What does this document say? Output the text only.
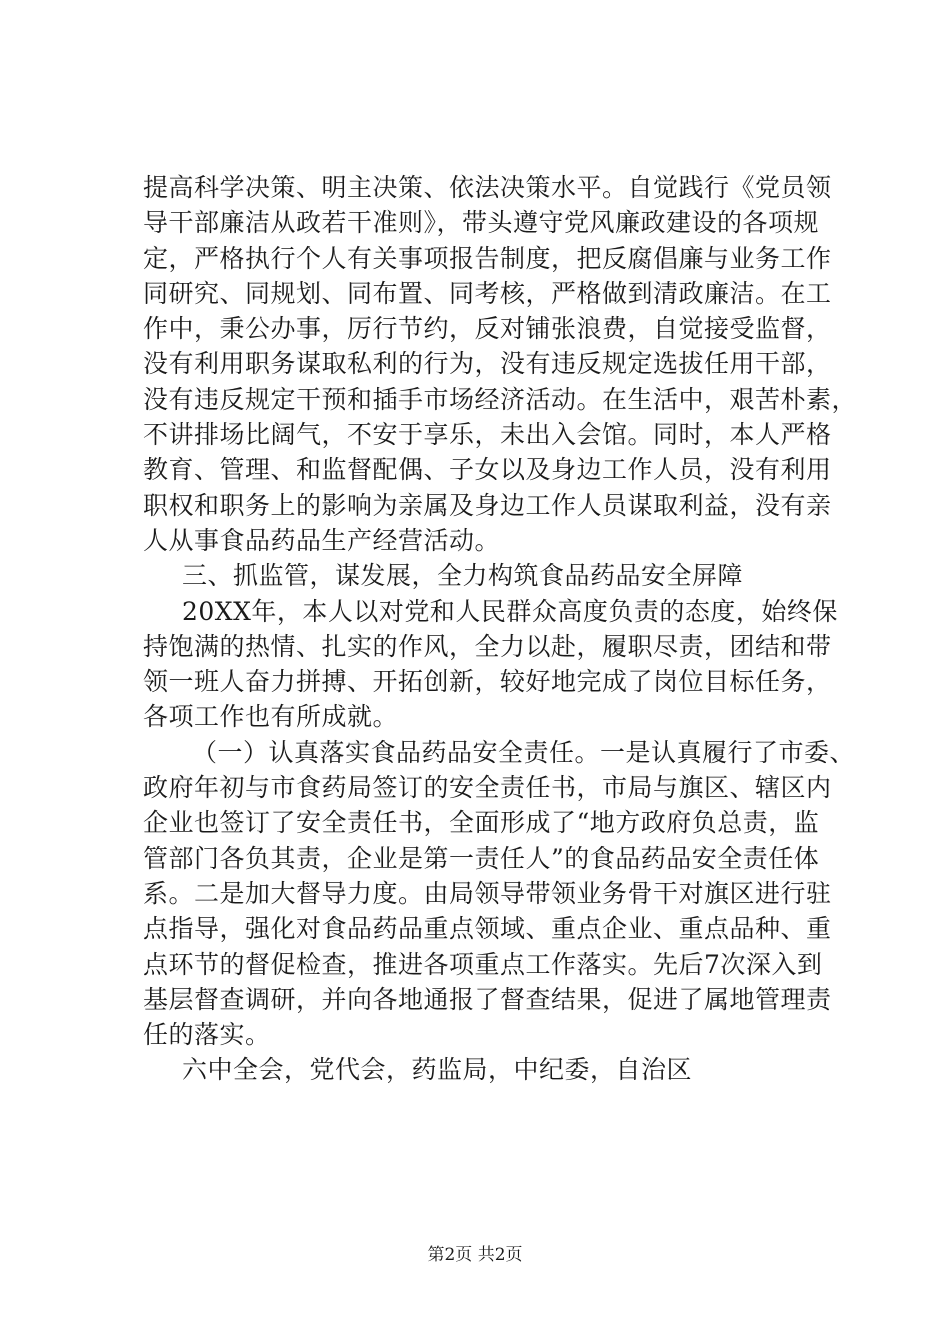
提高科学决策、明主决策、依法决策水平。自觉践行《党员领
导干部廉洁从政若干准则》，带头遵守党风廉政建设的各项规
定，严格执行个人有关事项报告制度，把反腐倡廉与业务工作
同研究、同规划、同布置、同考核，严格做到清政廉洁。在工
作中，秉公办事，厉行节约，反对铺张浪费，自觉接受监督，
没有利用职务谋取私利的行为，没有违反规定选拔任用干部，
没有违反规定干预和插手市场经济活动。在生活中，艰苦朴素，
不讲排场比阔气，不安于享乐，未出入会馆。同时，本人严格
教育、管理、和监督配偶、子女以及身边工作人员，没有利用
职权和职务上的影响为亲属及身边工作人员谋取利益，没有亲
人从事食品药品生产经营活动。
三、抓监管，谋发展，全力构筑食品药品安全屏障
20XX年，本人以对党和人民群众高度负责的态度，始终保
持饱满的热情、扎实的作风，全力以赴，履职尽责，团结和带
领一班人奋力拼搏、开拓创新，较好地完成了岗位目标任务，
各项工作也有所成就。
（一）认真落实食品药品安全责任。一是认真履行了市委、
政府年初与市食药局签订的安全责任书，市局与旗区、辖区内
企业也签订了安全责任书，全面形成了“地方政府负总责，监
管部门各负其责，企业是第一责任人”的食品药品安全责任体
系。二是加大督导力度。由局领导带领业务骨干对旗区进行驻
点指导，强化对食品药品重点领域、重点企业、重点品种、重
点环节的督促检查，推进各项重点工作落实。先后7次深入到
基层督查调研，并向各地通报了督查结果，促进了属地管理责
任的落实。
六中全会，党代会，药监局，中纪委，自治区
第2页 共2页
